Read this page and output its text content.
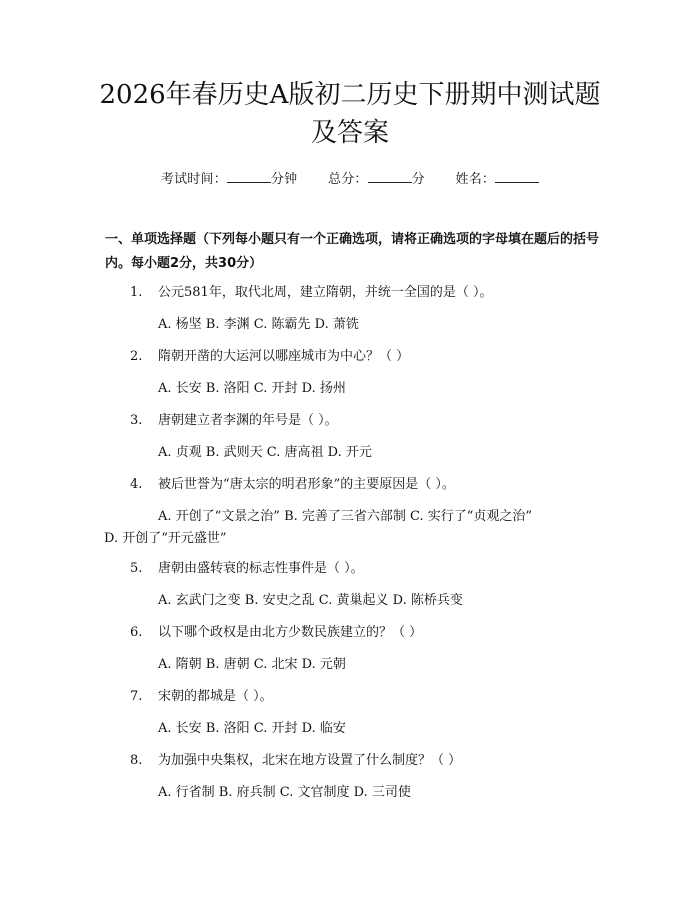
2026年春历史A版初二历史下册期中测试题
及答案
考试时间：	分钟 总分：	分 姓名：
一、单项选择题（下列每小题只有一个正确选项，请将正确选项的字母填在题后的括号内。每小题2分，共30分）
1. 公元581年，取代北周，建立隋朝，并统一全国的是（ ）。
A. 杨坚 B. 李渊 C. 陈霸先 D. 萧铣
2. 隋朝开凿的大运河以哪座城市为中心？（ ）
A. 长安 B. 洛阳 C. 开封 D. 扬州
3. 唐朝建立者李渊的年号是（ ）。
A. 贞观 B. 武则天 C. 唐高祖 D. 开元
4. 被后世誉为“唐太宗的明君形象”的主要原因是（ ）。
A. 开创了“文景之治” B. 完善了三省六部制 C. 实行了“贞观之治”
D. 开创了“开元盛世”
5. 唐朝由盛转衰的标志性事件是（ ）。
A. 玄武门之变 B. 安史之乱 C. 黄巢起义 D. 陈桥兵变
6. 以下哪个政权是由北方少数民族建立的？（ ）
A. 隋朝 B. 唐朝 C. 北宋 D. 元朝
7. 宋朝的都城是（ ）。
A. 长安 B. 洛阳 C. 开封 D. 临安
8. 为加强中央集权，北宋在地方设置了什么制度？（ ）
A. 行省制 B. 府兵制 C. 文官制度 D. 三司使
